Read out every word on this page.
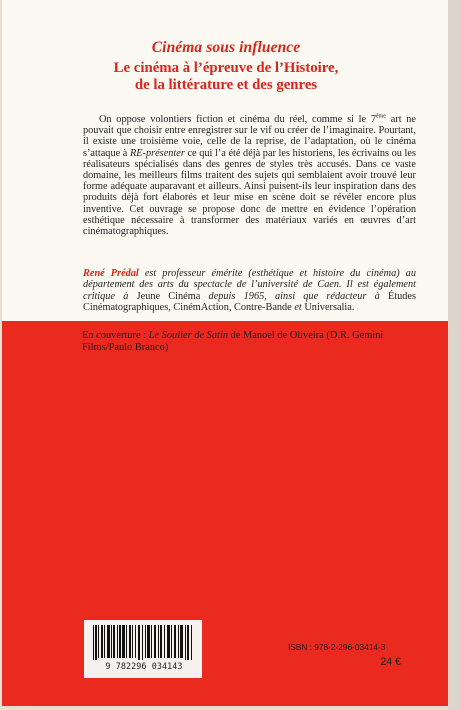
Cinéma sous influence
Le cinéma à l’épreuve de l’Histoire,
de la littérature et des genres

On oppose volontiers fiction et cinéma du réel, comme si le 7ème art ne pouvait que choisir entre enregistrer sur le vif ou créer de l’imaginaire. Pourtant, il existe une troisième voie, celle de la reprise, de l’adaptation, où le cinéma s’attaque à RE-présenter ce qui l’a été déjà par les historiens, les écrivains ou les réalisateurs spécialisés dans des genres de styles très accusés. Dans ce vaste domaine, les meilleurs films traitent des sujets qui semblaient avoir trouvé leur forme adéquate auparavant et ailleurs. Ainsi puisent-ils leur inspiration dans des produits déjà fort élaborés et leur mise en scène doit se révéler encore plus inventive. Cet ouvrage se propose donc de mettre en évidence l’opération esthétique nécessaire à transformer des matériaux variés en œuvres d’art cinématographiques.

René Prédal est professeur émérite (esthétique et histoire du cinéma) au département des arts du spectacle de l’université de Caen. Il est également critique à Jeune Cinéma depuis 1965, ainsi que rédacteur à Études Cinématographiques, CinémAction, Contre-Bande et Universalia.
En couverture : Le Soulier de Satin de Manoel de Oliveira (D.R. Gemini Films/Paulo Branco)
9 782296 034143
ISBN : 978-2-296-03414-3
24 €
